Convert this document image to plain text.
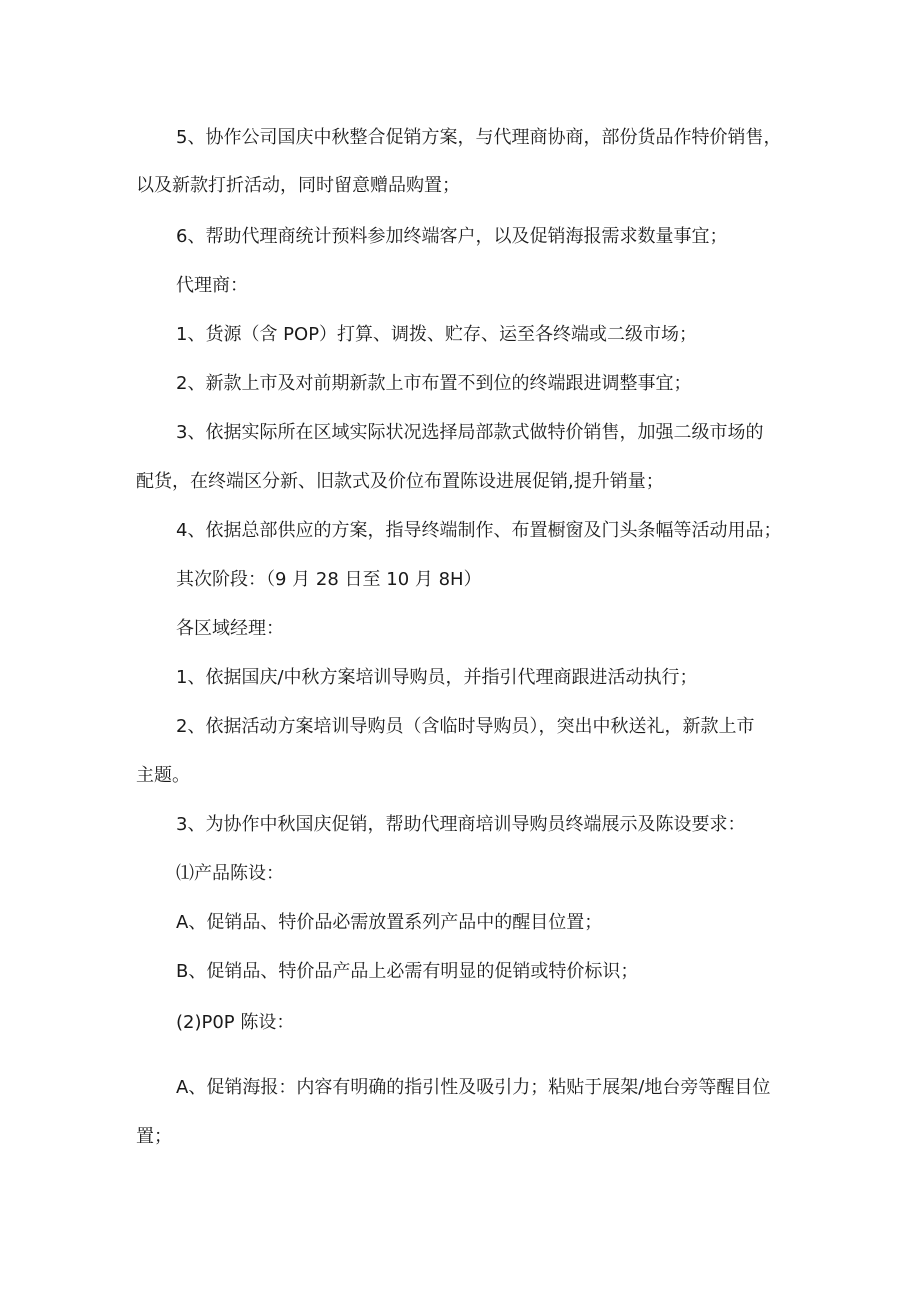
5、协作公司国庆中秋整合促销方案，与代理商协商，部份货品作特价销售，
以及新款打折活动，同时留意赠品购置；
6、帮助代理商统计预料参加终端客户，以及促销海报需求数量事宜；
代理商：
1、货源（含 POP）打算、调拨、贮存、运至各终端或二级市场；
2、新款上市及对前期新款上市布置不到位的终端跟进调整事宜；
3、依据实际所在区域实际状况选择局部款式做特价销售，加强二级市场的
配货，在终端区分新、旧款式及价位布置陈设进展促销,提升销量；
4、依据总部供应的方案，指导终端制作、布置橱窗及门头条幅等活动用品；
其次阶段：（9 月 28 日至 10 月 8H）
各区域经理：
1、依据国庆/中秋方案培训导购员，并指引代理商跟进活动执行；
2、依据活动方案培训导购员（含临时导购员），突出中秋送礼，新款上市
主题。
3、为协作中秋国庆促销，帮助代理商培训导购员终端展示及陈设要求：
⑴产品陈设：
A、促销品、特价品必需放置系列产品中的醒目位置；
B、促销品、特价品产品上必需有明显的促销或特价标识；
(2)P0P 陈设：
A、促销海报：内容有明确的指引性及吸引力；粘贴于展架/地台旁等醒目位
置；
